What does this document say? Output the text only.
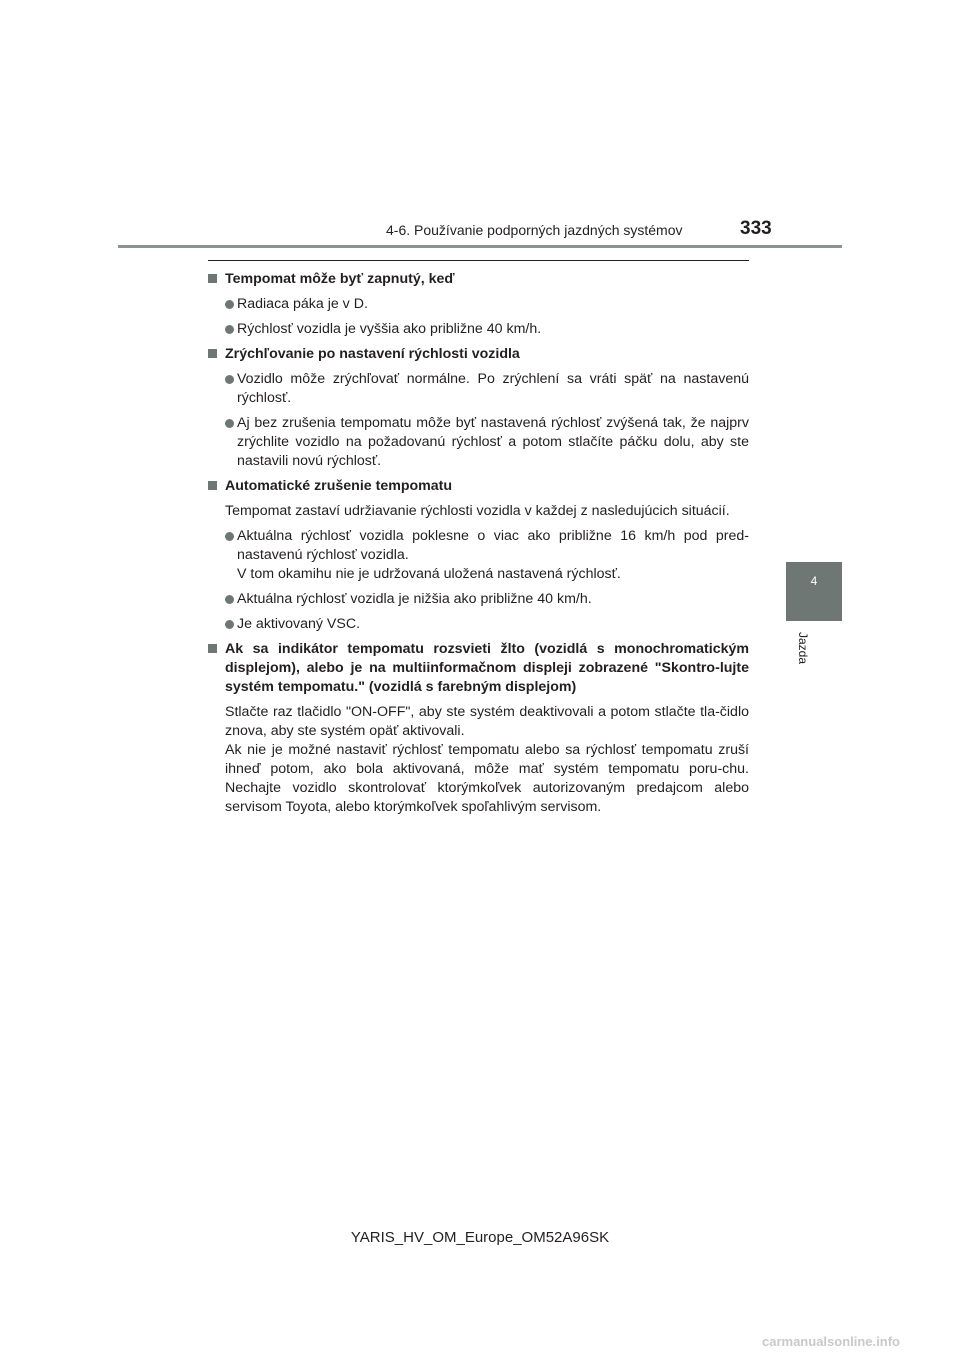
4-6. Používanie podporných jazdných systémov	333
4
Jazda
Tempomat môže byť zapnutý, keď
Radiaca páka je v D.
Rýchlosť vozidla je vyššia ako približne 40 km/h.
Zrýchľovanie po nastavení rýchlosti vozidla
Vozidlo môže zrýchľovať normálne. Po zrýchlení sa vráti späť na nastavenú rýchlosť.
Aj bez zrušenia tempomatu môže byť nastavená rýchlosť zvýšená tak, že najprv zrýchlite vozidlo na požadovanú rýchlosť a potom stlačíte páčku dolu, aby ste nastavili novú rýchlosť.
Automatické zrušenie tempomatu
Tempomat zastaví udržiavanie rýchlosti vozidla v každej z nasledujúcich situácií.
Aktuálna rýchlosť vozidla poklesne o viac ako približne 16 km/h pod pred-nastavenú rýchlosť vozidla.
V tom okamihu nie je udržovaná uložená nastavená rýchlosť.
Aktuálna rýchlosť vozidla je nižšia ako približne 40 km/h.
Je aktivovaný VSC.
Ak sa indikátor tempomatu rozsvieti žlto (vozidlá s monochromatickým displejom), alebo je na multiinformačnom displeji zobrazené "Skontro-lujte systém tempomatu." (vozidlá s farebným displejom)
Stlačte raz tlačidlo "ON-OFF", aby ste systém deaktivovali a potom stlačte tla-čidlo znova, aby ste systém opäť aktivovali.
Ak nie je možné nastaviť rýchlosť tempomatu alebo sa rýchlosť tempomatu zruší ihneď potom, ako bola aktivovaná, môže mať systém tempomatu poru-chu. Nechajte vozidlo skontrolovať ktorýmkoľvek autorizovaným predajcom alebo servisom Toyota, alebo ktorýmkoľvek spoľahlivým servisom.
YARIS_HV_OM_Europe_OM52A96SK
carmanualsonline.info
